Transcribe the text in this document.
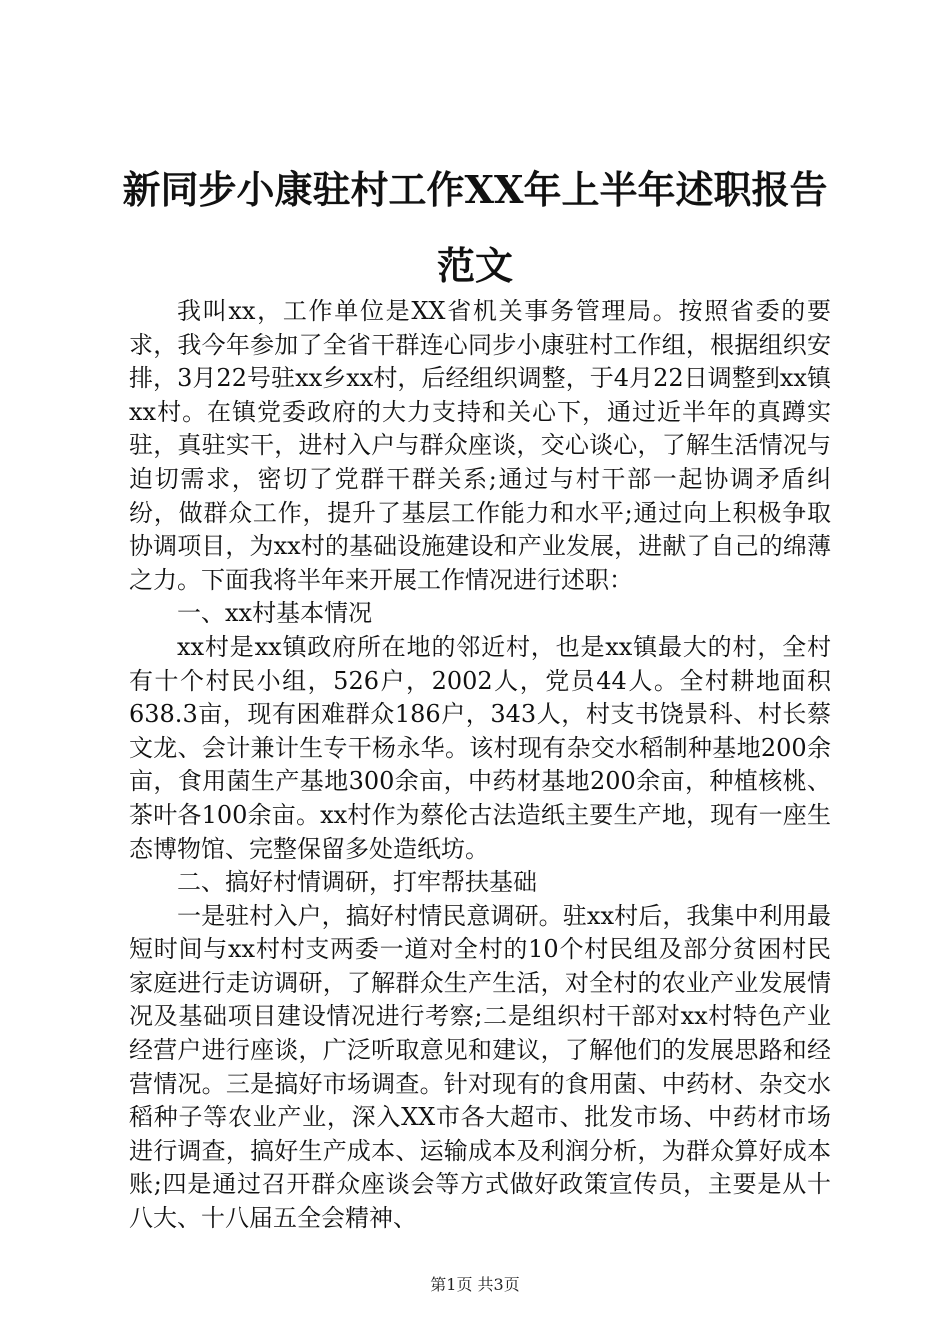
新同步小康驻村工作XX年上半年述职报告范文

我叫xx，工作单位是XX省机关事务管理局。按照省委的要求，我今年参加了全省干群连心同步小康驻村工作组，根据组织安排，3月22号驻xx乡xx村，后经组织调整，于4月22日调整到xx镇xx村。在镇党委政府的大力支持和关心下，通过近半年的真蹲实驻，真驻实干，进村入户与群众座谈，交心谈心，了解生活情况与迫切需求，密切了党群干群关系;通过与村干部一起协调矛盾纠纷，做群众工作，提升了基层工作能力和水平;通过向上积极争取协调项目，为xx村的基础设施建设和产业发展，进献了自己的绵薄之力。下面我将半年来开展工作情况进行述职：

一、xx村基本情况

xx村是xx镇政府所在地的邻近村，也是xx镇最大的村，全村有十个村民小组，526户，2002人，党员44人。全村耕地面积638.3亩，现有困难群众186户，343人，村支书饶景科、村长蔡文龙、会计兼计生专干杨永华。该村现有杂交水稻制种基地200余亩，食用菌生产基地300余亩，中药材基地200余亩，种植核桃、茶叶各100余亩。xx村作为蔡伦古法造纸主要生产地，现有一座生态博物馆、完整保留多处造纸坊。

二、搞好村情调研，打牢帮扶基础

一是驻村入户，搞好村情民意调研。驻xx村后，我集中利用最短时间与xx村村支两委一道对全村的10个村民组及部分贫困村民家庭进行走访调研，了解群众生产生活，对全村的农业产业发展情况及基础项目建设情况进行考察;二是组织村干部对xx村特色产业经营户进行座谈，广泛听取意见和建议，了解他们的发展思路和经营情况。三是搞好市场调查。针对现有的食用菌、中药材、杂交水稻种子等农业产业，深入XX市各大超市、批发市场、中药材市场进行调查，搞好生产成本、运输成本及利润分析，为群众算好成本账;四是通过召开群众座谈会等方式做好政策宣传员，主要是从十八大、十八届五全会精神、

第1页 共3页
